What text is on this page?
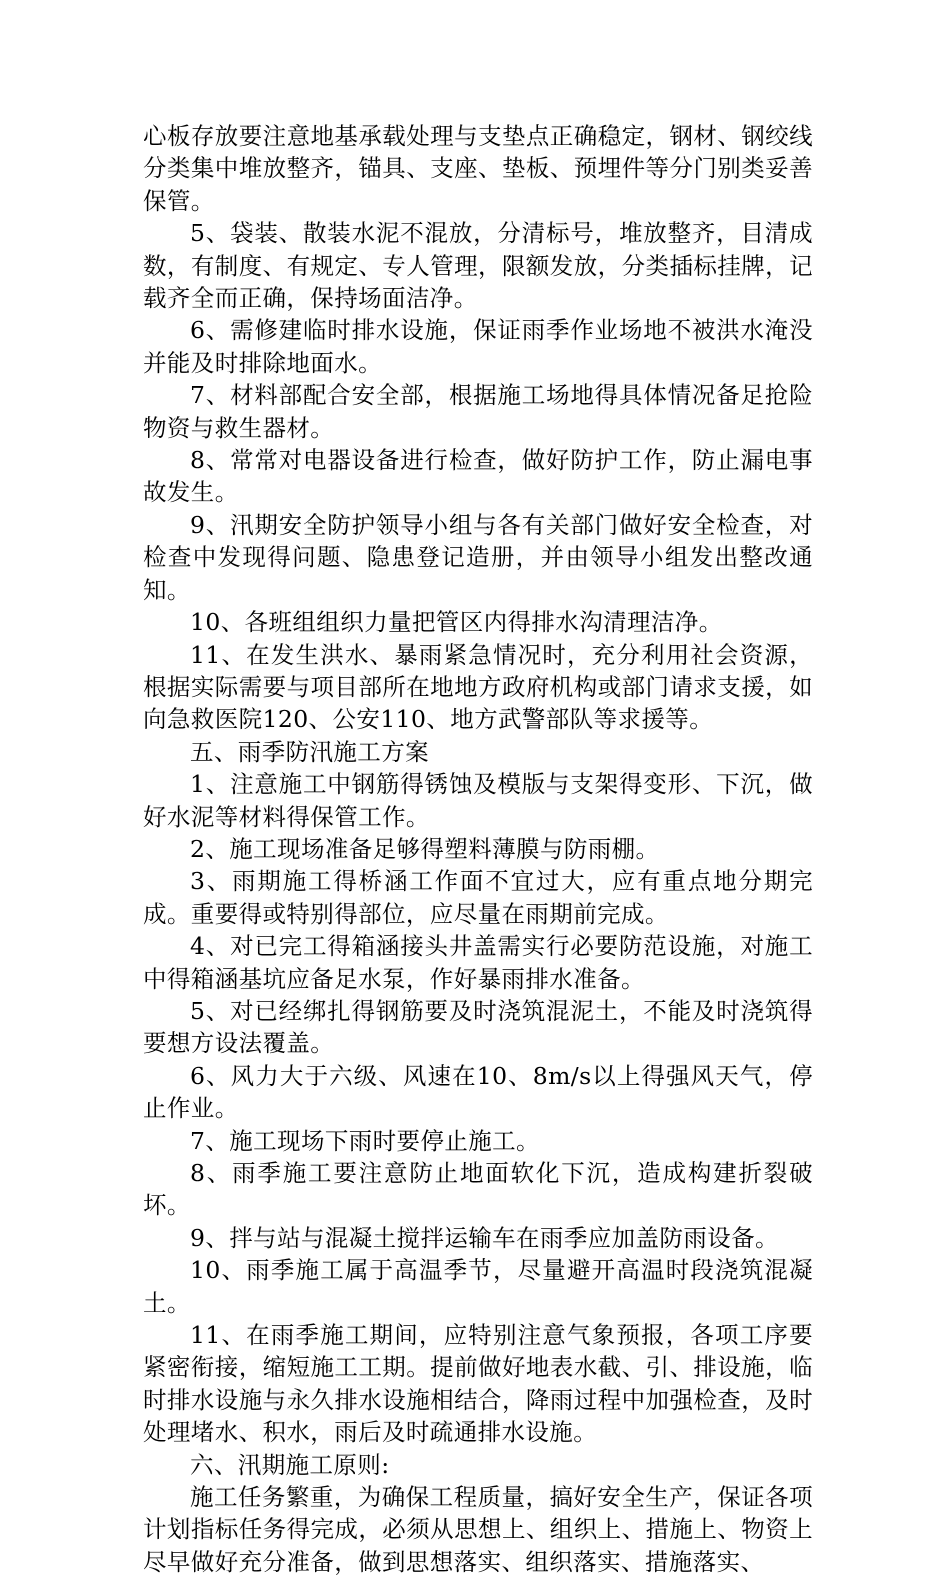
心板存放要注意地基承载处理与支垫点正确稳定，钢材、钢绞线分类集中堆放整齐，锚具、支座、垫板、预埋件等分门别类妥善保管。

5、袋装、散装水泥不混放，分清标号，堆放整齐，目清成数，有制度、有规定、专人管理，限额发放，分类插标挂牌，记载齐全而正确，保持场面洁净。

6、需修建临时排水设施，保证雨季作业场地不被洪水淹没并能及时排除地面水。

7、材料部配合安全部，根据施工场地得具体情况备足抢险物资与救生器材。

8、常常对电器设备进行检查，做好防护工作，防止漏电事故发生。

9、汛期安全防护领导小组与各有关部门做好安全检查，对检查中发现得问题、隐患登记造册，并由领导小组发出整改通知。

10、各班组组织力量把管区内得排水沟清理洁净。

11、在发生洪水、暴雨紧急情况时，充分利用社会资源，根据实际需要与项目部所在地地方政府机构或部门请求支援，如向急救医院120、公安110、地方武警部队等求援等。

五、雨季防汛施工方案

1、注意施工中钢筋得锈蚀及模版与支架得变形、下沉，做好水泥等材料得保管工作。

2、施工现场准备足够得塑料薄膜与防雨棚。

3、雨期施工得桥涵工作面不宜过大，应有重点地分期完成。重要得或特别得部位，应尽量在雨期前完成。

4、对已完工得箱涵接头井盖需实行必要防范设施，对施工中得箱涵基坑应备足水泵，作好暴雨排水准备。

5、对已经绑扎得钢筋要及时浇筑混泥土，不能及时浇筑得要想方设法覆盖。

6、风力大于六级、风速在10、8m/s以上得强风天气，停止作业。

7、施工现场下雨时要停止施工。

8、雨季施工要注意防止地面软化下沉，造成构建折裂破坏。

9、拌与站与混凝土搅拌运输车在雨季应加盖防雨设备。

10、雨季施工属于高温季节，尽量避开高温时段浇筑混凝土。

11、在雨季施工期间，应特别注意气象预报，各项工序要紧密衔接，缩短施工工期。提前做好地表水截、引、排设施，临时排水设施与永久排水设施相结合，降雨过程中加强检查，及时处理堵水、积水，雨后及时疏通排水设施。

六、汛期施工原则:

施工任务繁重，为确保工程质量，搞好安全生产，保证各项计划指标任务得完成，必须从思想上、组织上、措施上、物资上尽早做好充分准备，做到思想落实、组织落实、措施落实、
